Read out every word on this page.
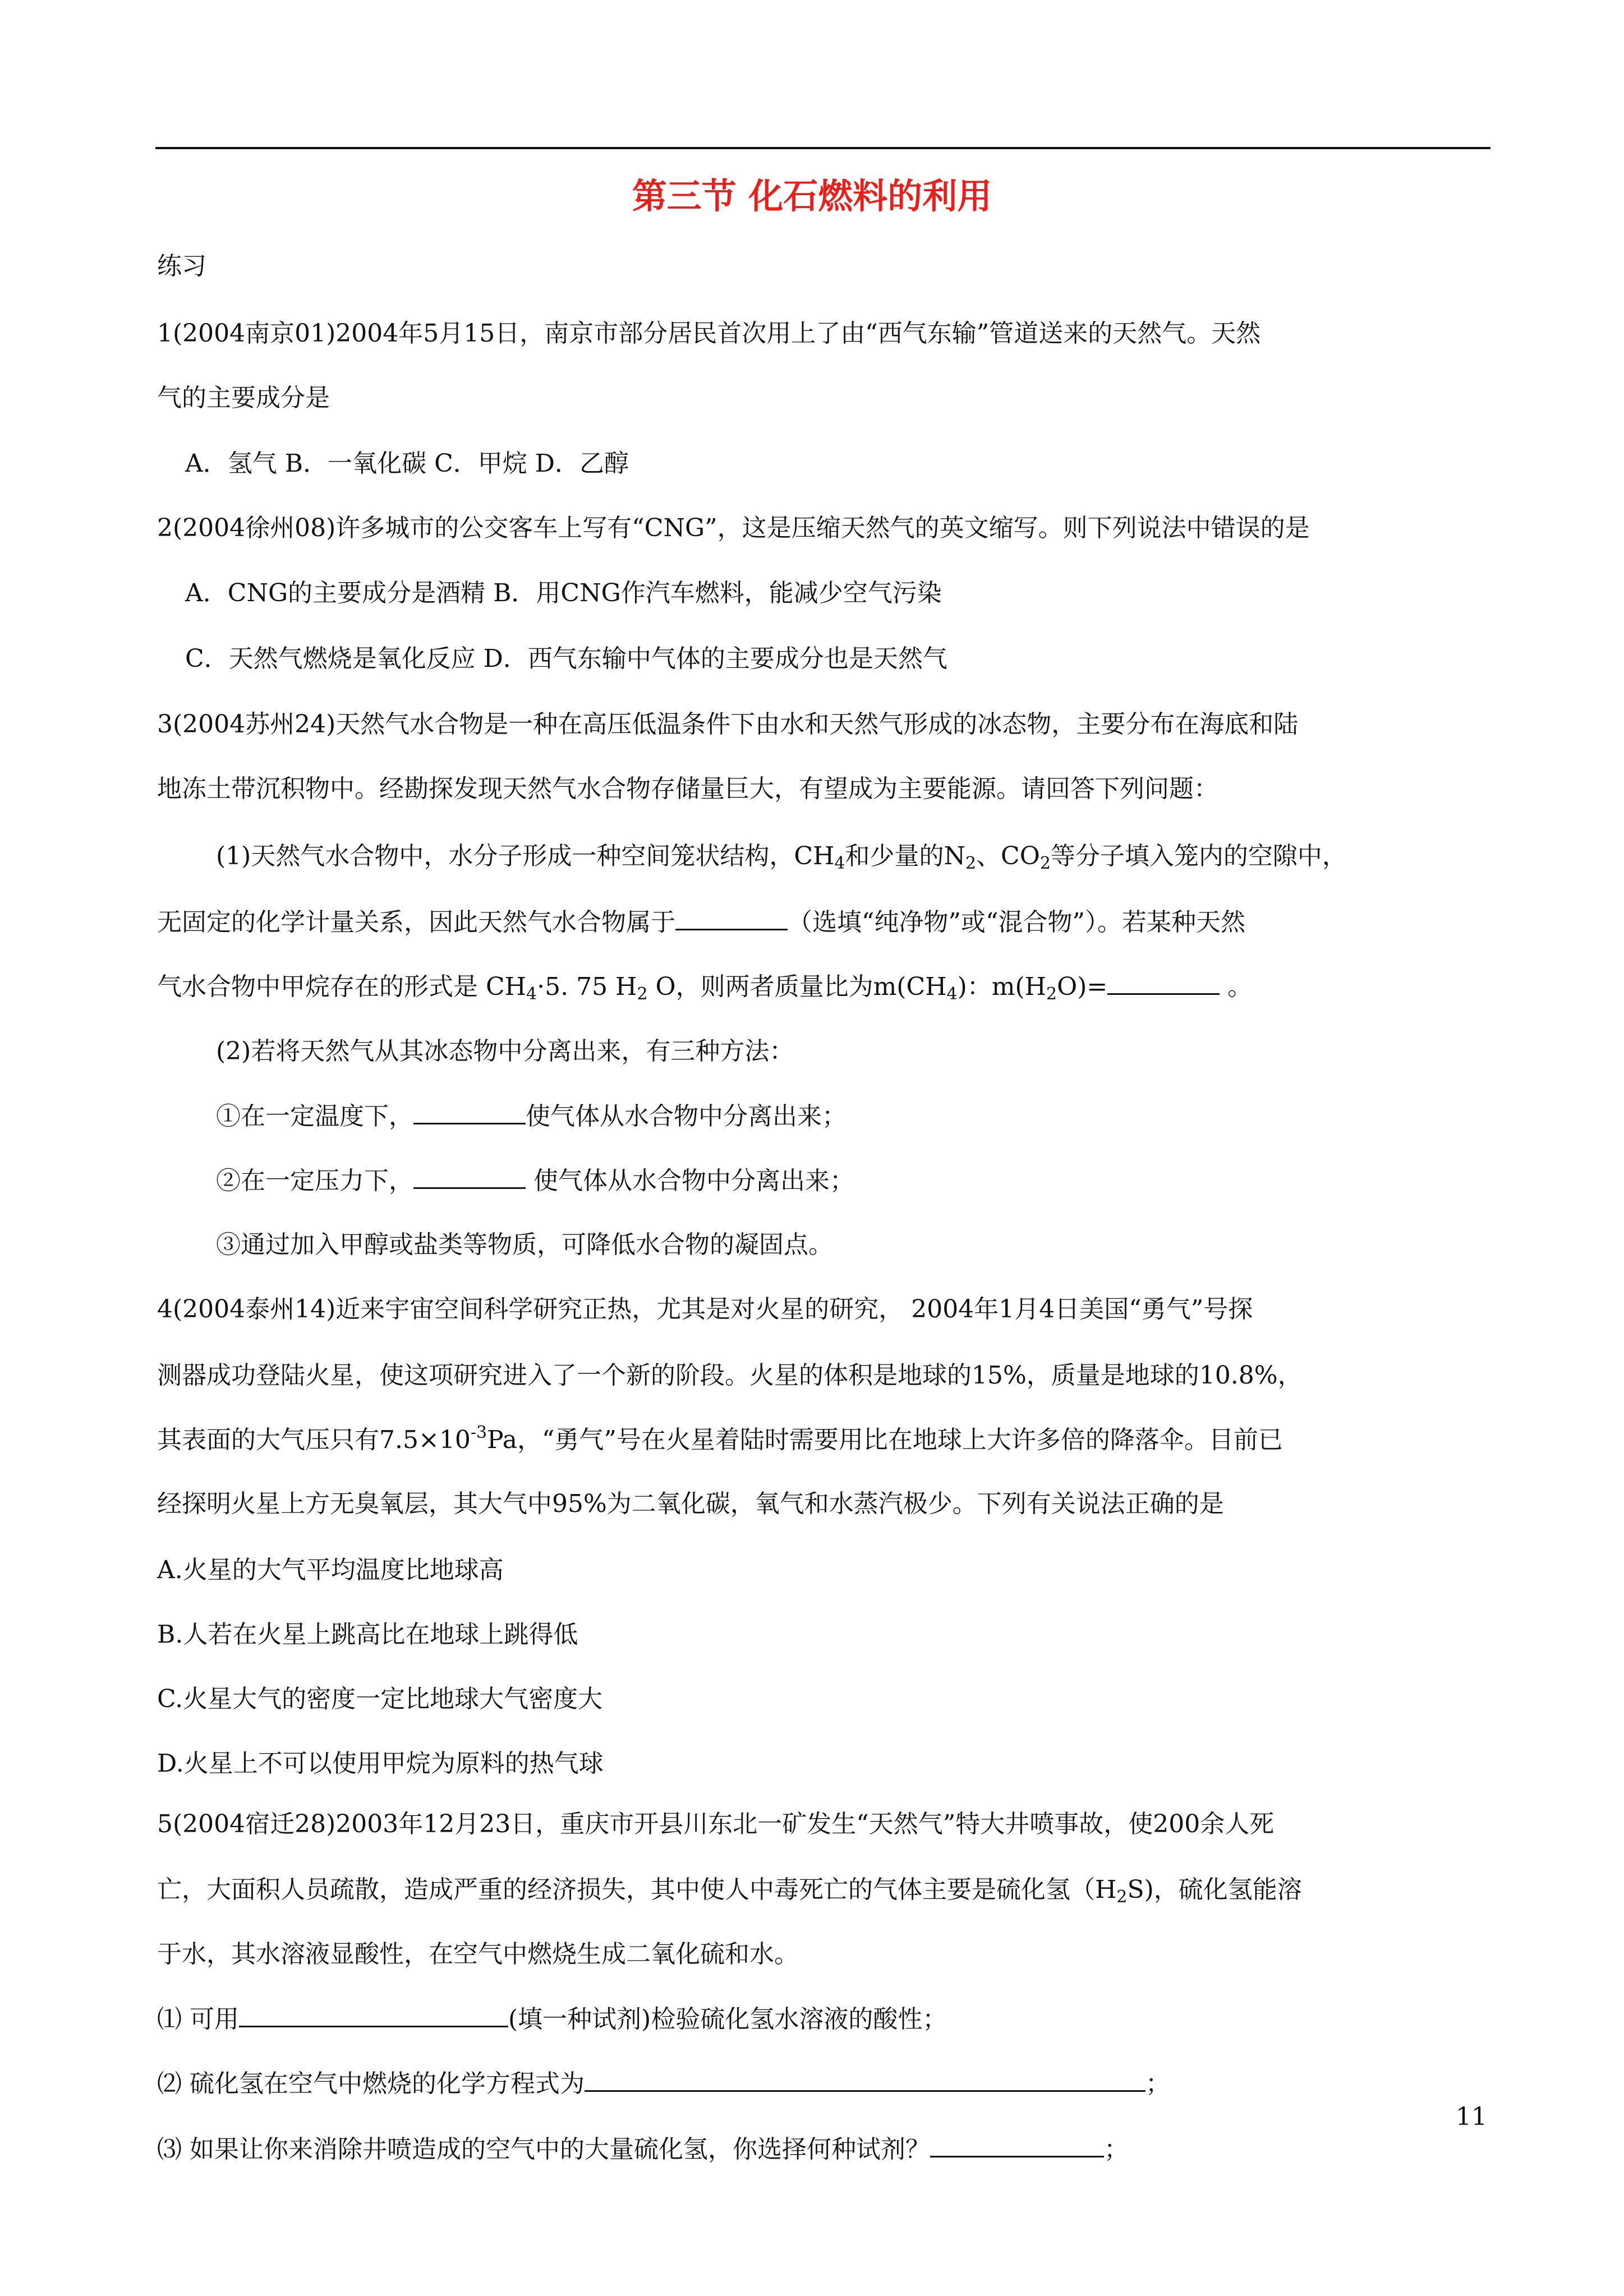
第三节 化石燃料的利用
练习
1(2004南京01)2004年5月15日，南京市部分居民首次用上了由“西气东输”管道送来的天然气。天然
气的主要成分是
A．氢气 B．一氧化碳 C．甲烷 D．乙醇
2(2004徐州08)许多城市的公交客车上写有“CNG”，这是压缩天然气的英文缩写。则下列说法中错误的是
A．CNG的主要成分是酒精 B．用CNG作汽车燃料，能减少空气污染
C．天然气燃烧是氧化反应 D．西气东输中气体的主要成分也是天然气
3(2004苏州24)天然气水合物是一种在高压低温条件下由水和天然气形成的冰态物，主要分布在海底和陆
地冻土带沉积物中。经勘探发现天然气水合物存储量巨大，有望成为主要能源。请回答下列问题：
(1)天然气水合物中，水分子形成一种空间笼状结构，$CH_4$和少量的$N_2$、$CO_2$等分子填入笼内的空隙中，
无固定的化学计量关系，因此天然气水合物属于	（选填“纯净物”或“混合物”）。若某种天然
气水合物中甲烷存在的形式是 $CH_4\cdot 5$. 75 $H_2$ O，则两者质量比为$m(CH_4)$：$m(H_2O)=$	。
(2)若将天然气从其冰态物中分离出来，有三种方法：
①在一定温度下，	使气体从水合物中分离出来；
②在一定压力下，	使气体从水合物中分离出来；
③通过加入甲醇或盐类等物质，可降低水合物的凝固点。
4(2004泰州14)近来宇宙空间科学研究正热，尤其是对火星的研究， 2004年1月4日美国“勇气”号探
测器成功登陆火星，使这项研究进入了一个新的阶段。火星的体积是地球的15%，质量是地球的10.8%，
其表面的大气压只有$7.5\times 10^{-3}Pa$，“勇气”号在火星着陆时需要用比在地球上大许多倍的降落伞。目前已
经探明火星上方无臭氧层，其大气中95%为二氧化碳，氧气和水蒸汽极少。下列有关说法正确的是
A.火星的大气平均温度比地球高
B.人若在火星上跳高比在地球上跳得低
C.火星大气的密度一定比地球大气密度大
D.火星上不可以使用甲烷为原料的热气球
5(2004宿迁28)2003年12月23日，重庆市开县川东北一矿发生“天然气”特大井喷事故，使200余人死
亡，大面积人员疏散，造成严重的经济损失，其中使人中毒死亡的气体主要是硫化氢$(H_2S)$，硫化氢能溶
于水，其水溶液显酸性，在空气中燃烧生成二氧化硫和水。
⑴ 可用	(填一种试剂)检验硫化氢水溶液的酸性；
⑵ 硫化氢在空气中燃烧的化学方程式为	；
⑶ 如果让你来消除井喷造成的空气中的大量硫化氢，你选择何种试剂？	；
11
